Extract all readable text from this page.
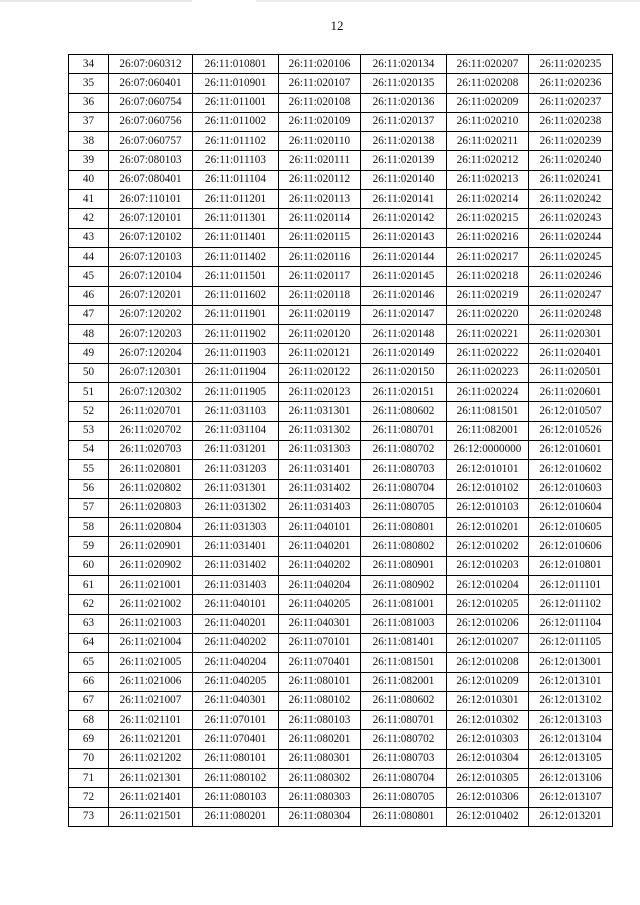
12
34	26:07:060312	26:11:010801	26:11:020106	26:11:020134	26:11:020207	26:11:020235
35	26:07:060401	26:11:010901	26:11:020107	26:11:020135	26:11:020208	26:11:020236
36	26:07:060754	26:11:011001	26:11:020108	26:11:020136	26:11:020209	26:11:020237
37	26:07:060756	26:11:011002	26:11:020109	26:11:020137	26:11:020210	26:11:020238
38	26:07:060757	26:11:011102	26:11:020110	26:11:020138	26:11:020211	26:11:020239
39	26:07:080103	26:11:011103	26:11:020111	26:11:020139	26:11:020212	26:11:020240
40	26:07:080401	26:11:011104	26:11:020112	26:11:020140	26:11:020213	26:11:020241
41	26:07:110101	26:11:011201	26:11:020113	26:11:020141	26:11:020214	26:11:020242
42	26:07:120101	26:11:011301	26:11:020114	26:11:020142	26:11:020215	26:11:020243
43	26:07:120102	26:11:011401	26:11:020115	26:11:020143	26:11:020216	26:11:020244
44	26:07:120103	26:11:011402	26:11:020116	26:11:020144	26:11:020217	26:11:020245
45	26:07:120104	26:11:011501	26:11:020117	26:11:020145	26:11:020218	26:11:020246
46	26:07:120201	26:11:011602	26:11:020118	26:11:020146	26:11:020219	26:11:020247
47	26:07:120202	26:11:011901	26:11:020119	26:11:020147	26:11:020220	26:11:020248
48	26:07:120203	26:11:011902	26:11:020120	26:11:020148	26:11:020221	26:11:020301
49	26:07:120204	26:11:011903	26:11:020121	26:11:020149	26:11:020222	26:11:020401
50	26:07:120301	26:11:011904	26:11:020122	26:11:020150	26:11:020223	26:11:020501
51	26:07:120302	26:11:011905	26:11:020123	26:11:020151	26:11:020224	26:11:020601
52	26:11:020701	26:11:031103	26:11:031301	26:11:080602	26:11:081501	26:12:010507
53	26:11:020702	26:11:031104	26:11:031302	26:11:080701	26:11:082001	26:12:010526
54	26:11:020703	26:11:031201	26:11:031303	26:11:080702	26:12:0000000	26:12:010601
55	26:11:020801	26:11:031203	26:11:031401	26:11:080703	26:12:010101	26:12:010602
56	26:11:020802	26:11:031301	26:11:031402	26:11:080704	26:12:010102	26:12:010603
57	26:11:020803	26:11:031302	26:11:031403	26:11:080705	26:12:010103	26:12:010604
58	26:11:020804	26:11:031303	26:11:040101	26:11:080801	26:12:010201	26:12:010605
59	26:11:020901	26:11:031401	26:11:040201	26:11:080802	26:12:010202	26:12:010606
60	26:11:020902	26:11:031402	26:11:040202	26:11:080901	26:12:010203	26:12:010801
61	26:11:021001	26:11:031403	26:11:040204	26:11:080902	26:12:010204	26:12:011101
62	26:11:021002	26:11:040101	26:11:040205	26:11:081001	26:12:010205	26:12:011102
63	26:11:021003	26:11:040201	26:11:040301	26:11:081003	26:12:010206	26:12:011104
64	26:11:021004	26:11:040202	26:11:070101	26:11:081401	26:12:010207	26:12:011105
65	26:11:021005	26:11:040204	26:11:070401	26:11:081501	26:12:010208	26:12:013001
66	26:11:021006	26:11:040205	26:11:080101	26:11:082001	26:12:010209	26:12:013101
67	26:11:021007	26:11:040301	26:11:080102	26:11:080602	26:12:010301	26:12:013102
68	26:11:021101	26:11:070101	26:11:080103	26:11:080701	26:12:010302	26:12:013103
69	26:11:021201	26:11:070401	26:11:080201	26:11:080702	26:12:010303	26:12:013104
70	26:11:021202	26:11:080101	26:11:080301	26:11:080703	26:12:010304	26:12:013105
71	26:11:021301	26:11:080102	26:11:080302	26:11:080704	26:12:010305	26:12:013106
72	26:11:021401	26:11:080103	26:11:080303	26:11:080705	26:12:010306	26:12:013107
73	26:11:021501	26:11:080201	26:11:080304	26:11:080801	26:12:010402	26:12:013201
